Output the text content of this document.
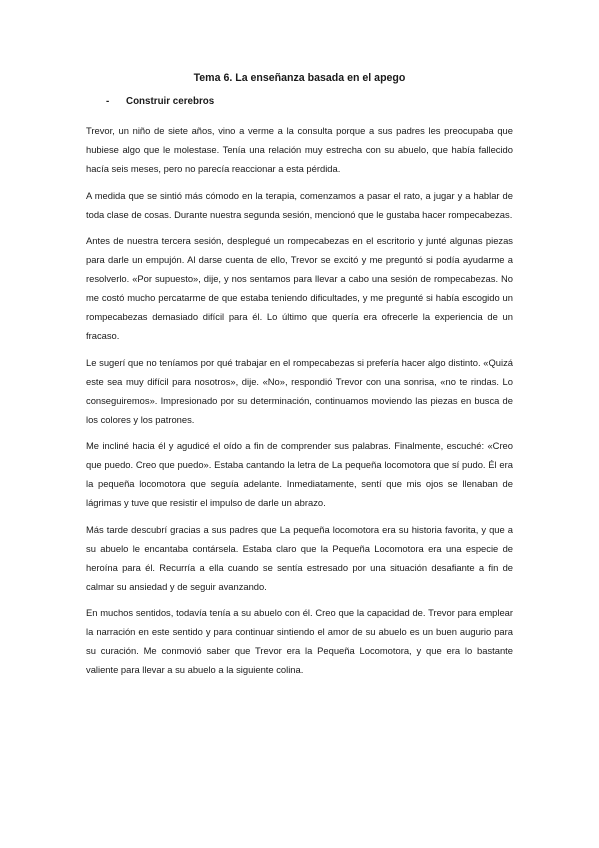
Tema 6. La enseñanza basada en el apego
-	Construir cerebros

Trevor, un niño de siete años, vino a verme a la consulta porque a sus padres les preocupaba que hubiese algo que le molestase. Tenía una relación muy estrecha con su abuelo, que había fallecido hacía seis meses, pero no parecía reaccionar a esta pérdida.

A medida que se sintió más cómodo en la terapia, comenzamos a pasar el rato, a jugar y a hablar de toda clase de cosas. Durante nuestra segunda sesión, mencionó que le gustaba hacer rompecabezas.

Antes de nuestra tercera sesión, desplegué un rompecabezas en el escritorio y junté algunas piezas para darle un empujón. Al darse cuenta de ello, Trevor se excitó y me preguntó si podía ayudarme a resolverlo. «Por supuesto», dije, y nos sentamos para llevar a cabo una sesión de rompecabezas. No me costó mucho percatarme de que estaba teniendo dificultades, y me pregunté si había escogido un rompecabezas demasiado difícil para él. Lo último que quería era ofrecerle la experiencia de un fracaso.

Le sugerí que no teníamos por qué trabajar en el rompecabezas si prefería hacer algo distinto. «Quizá este sea muy difícil para nosotros», dije. «No», respondió Trevor con una sonrisa, «no te rindas. Lo conseguiremos». Impresionado por su determinación, continuamos moviendo las piezas en busca de los colores y los patrones.

Me incliné hacia él y agudicé el oído a fin de comprender sus palabras. Finalmente, escuché: «Creo que puedo. Creo que puedo». Estaba cantando la letra de La pequeña locomotora que sí pudo. Él era la pequeña locomotora que seguía adelante. Inmediatamente, sentí que mis ojos se llenaban de lágrimas y tuve que resistir el impulso de darle un abrazo.

Más tarde descubrí gracias a sus padres que La pequeña locomotora era su historia favorita, y que a su abuelo le encantaba contársela. Estaba claro que la Pequeña Locomotora era una especie de heroína para él. Recurría a ella cuando se sentía estresado por una situación desafiante a fin de calmar su ansiedad y de seguir avanzando.

En muchos sentidos, todavía tenía a su abuelo con él. Creo que la capacidad de. Trevor para emplear la narración en este sentido y para continuar sintiendo el amor de su abuelo es un buen augurio para su curación. Me conmovió saber que Trevor era la Pequeña Locomotora, y que era lo bastante valiente para llevar a su abuelo a la siguiente colina.
